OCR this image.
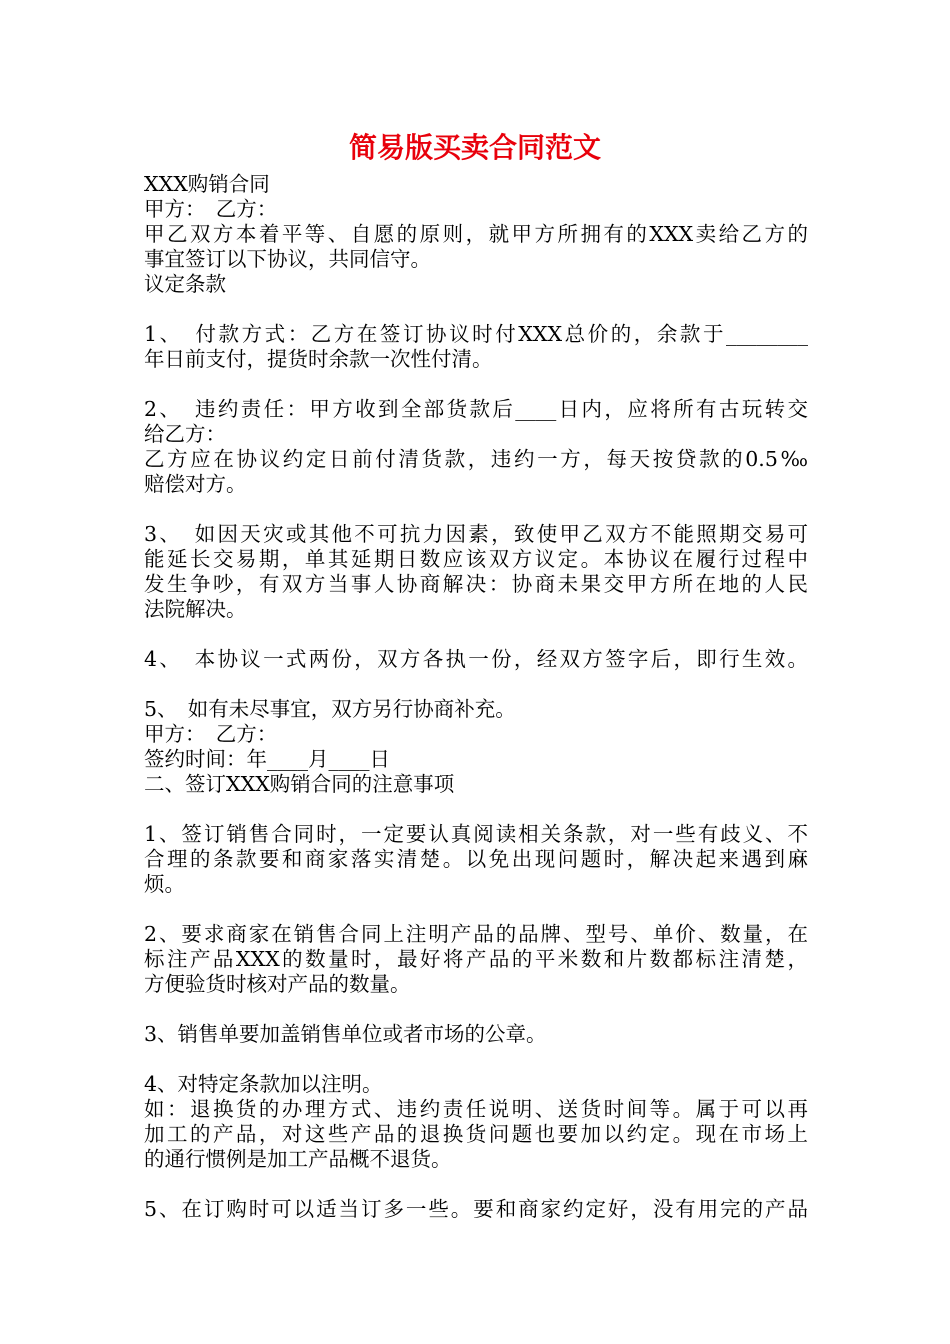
简易版买卖合同范文
XXX购销合同
甲方：　乙方：
甲乙双方本着平等、自愿的原则，就甲方所拥有的XXX卖给乙方的
事宜签订以下协议，共同信守。
议定条款
1、　付款方式：乙方在签订协议时付XXX总价的，余款于________
年日前支付，提货时余款一次性付清。
2、　违约责任：甲方收到全部货款后____日内，应将所有古玩转交
给乙方：
乙方应在协议约定日前付清货款，违约一方，每天按贷款的0.5‰
赔偿对方。
3、　如因天灾或其他不可抗力因素，致使甲乙双方不能照期交易可
能延长交易期，单其延期日数应该双方议定。本协议在履行过程中
发生争吵，有双方当事人协商解决：协商未果交甲方所在地的人民
法院解决。
4、　本协议一式两份，双方各执一份，经双方签字后，即行生效。
5、　如有未尽事宜，双方另行协商补充。
甲方：　乙方：
签约时间：年____月____日
二、签订XXX购销合同的注意事项
1、签订销售合同时，一定要认真阅读相关条款，对一些有歧义、不
合理的条款要和商家落实清楚。以免出现问题时，解决起来遇到麻
烦。
2、要求商家在销售合同上注明产品的品牌、型号、单价、数量，在
标注产品XXX的数量时，最好将产品的平米数和片数都标注清楚，
方便验货时核对产品的数量。
3、销售单要加盖销售单位或者市场的公章。
4、对特定条款加以注明。
如：退换货的办理方式、违约责任说明、送货时间等。属于可以再
加工的产品，对这些产品的退换货问题也要加以约定。现在市场上
的通行惯例是加工产品概不退货。
5、在订购时可以适当订多一些。要和商家约定好，没有用完的产品
